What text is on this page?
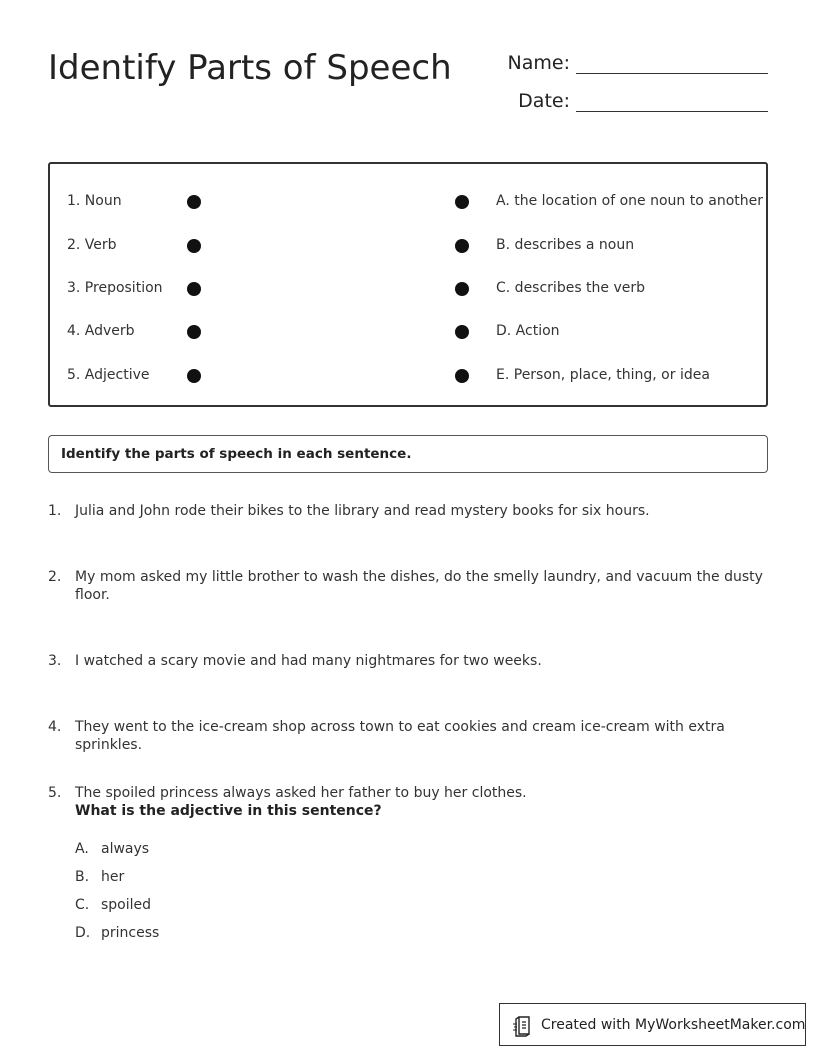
Identify Parts of Speech	Name:
Date:
1. Noun	A. the location of one noun to another
2. Verb	B. describes a noun
3. Preposition	C. describes the verb
4. Adverb	D. Action
5. Adjective	E. Person, place, thing, or idea
Identify the parts of speech in each sentence.
1. Julia and John rode their bikes to the library and read mystery books for six hours.
2. My mom asked my little brother to wash the dishes, do the smelly laundry, and vacuum the dusty floor.
3. I watched a scary movie and had many nightmares for two weeks.
4. They went to the ice-cream shop across town to eat cookies and cream ice-cream with extra sprinkles.
5. The spoiled princess always asked her father to buy her clothes.
What is the adjective in this sentence?
A. always
B. her
C. spoiled
D. princess
Created with MyWorksheetMaker.com
